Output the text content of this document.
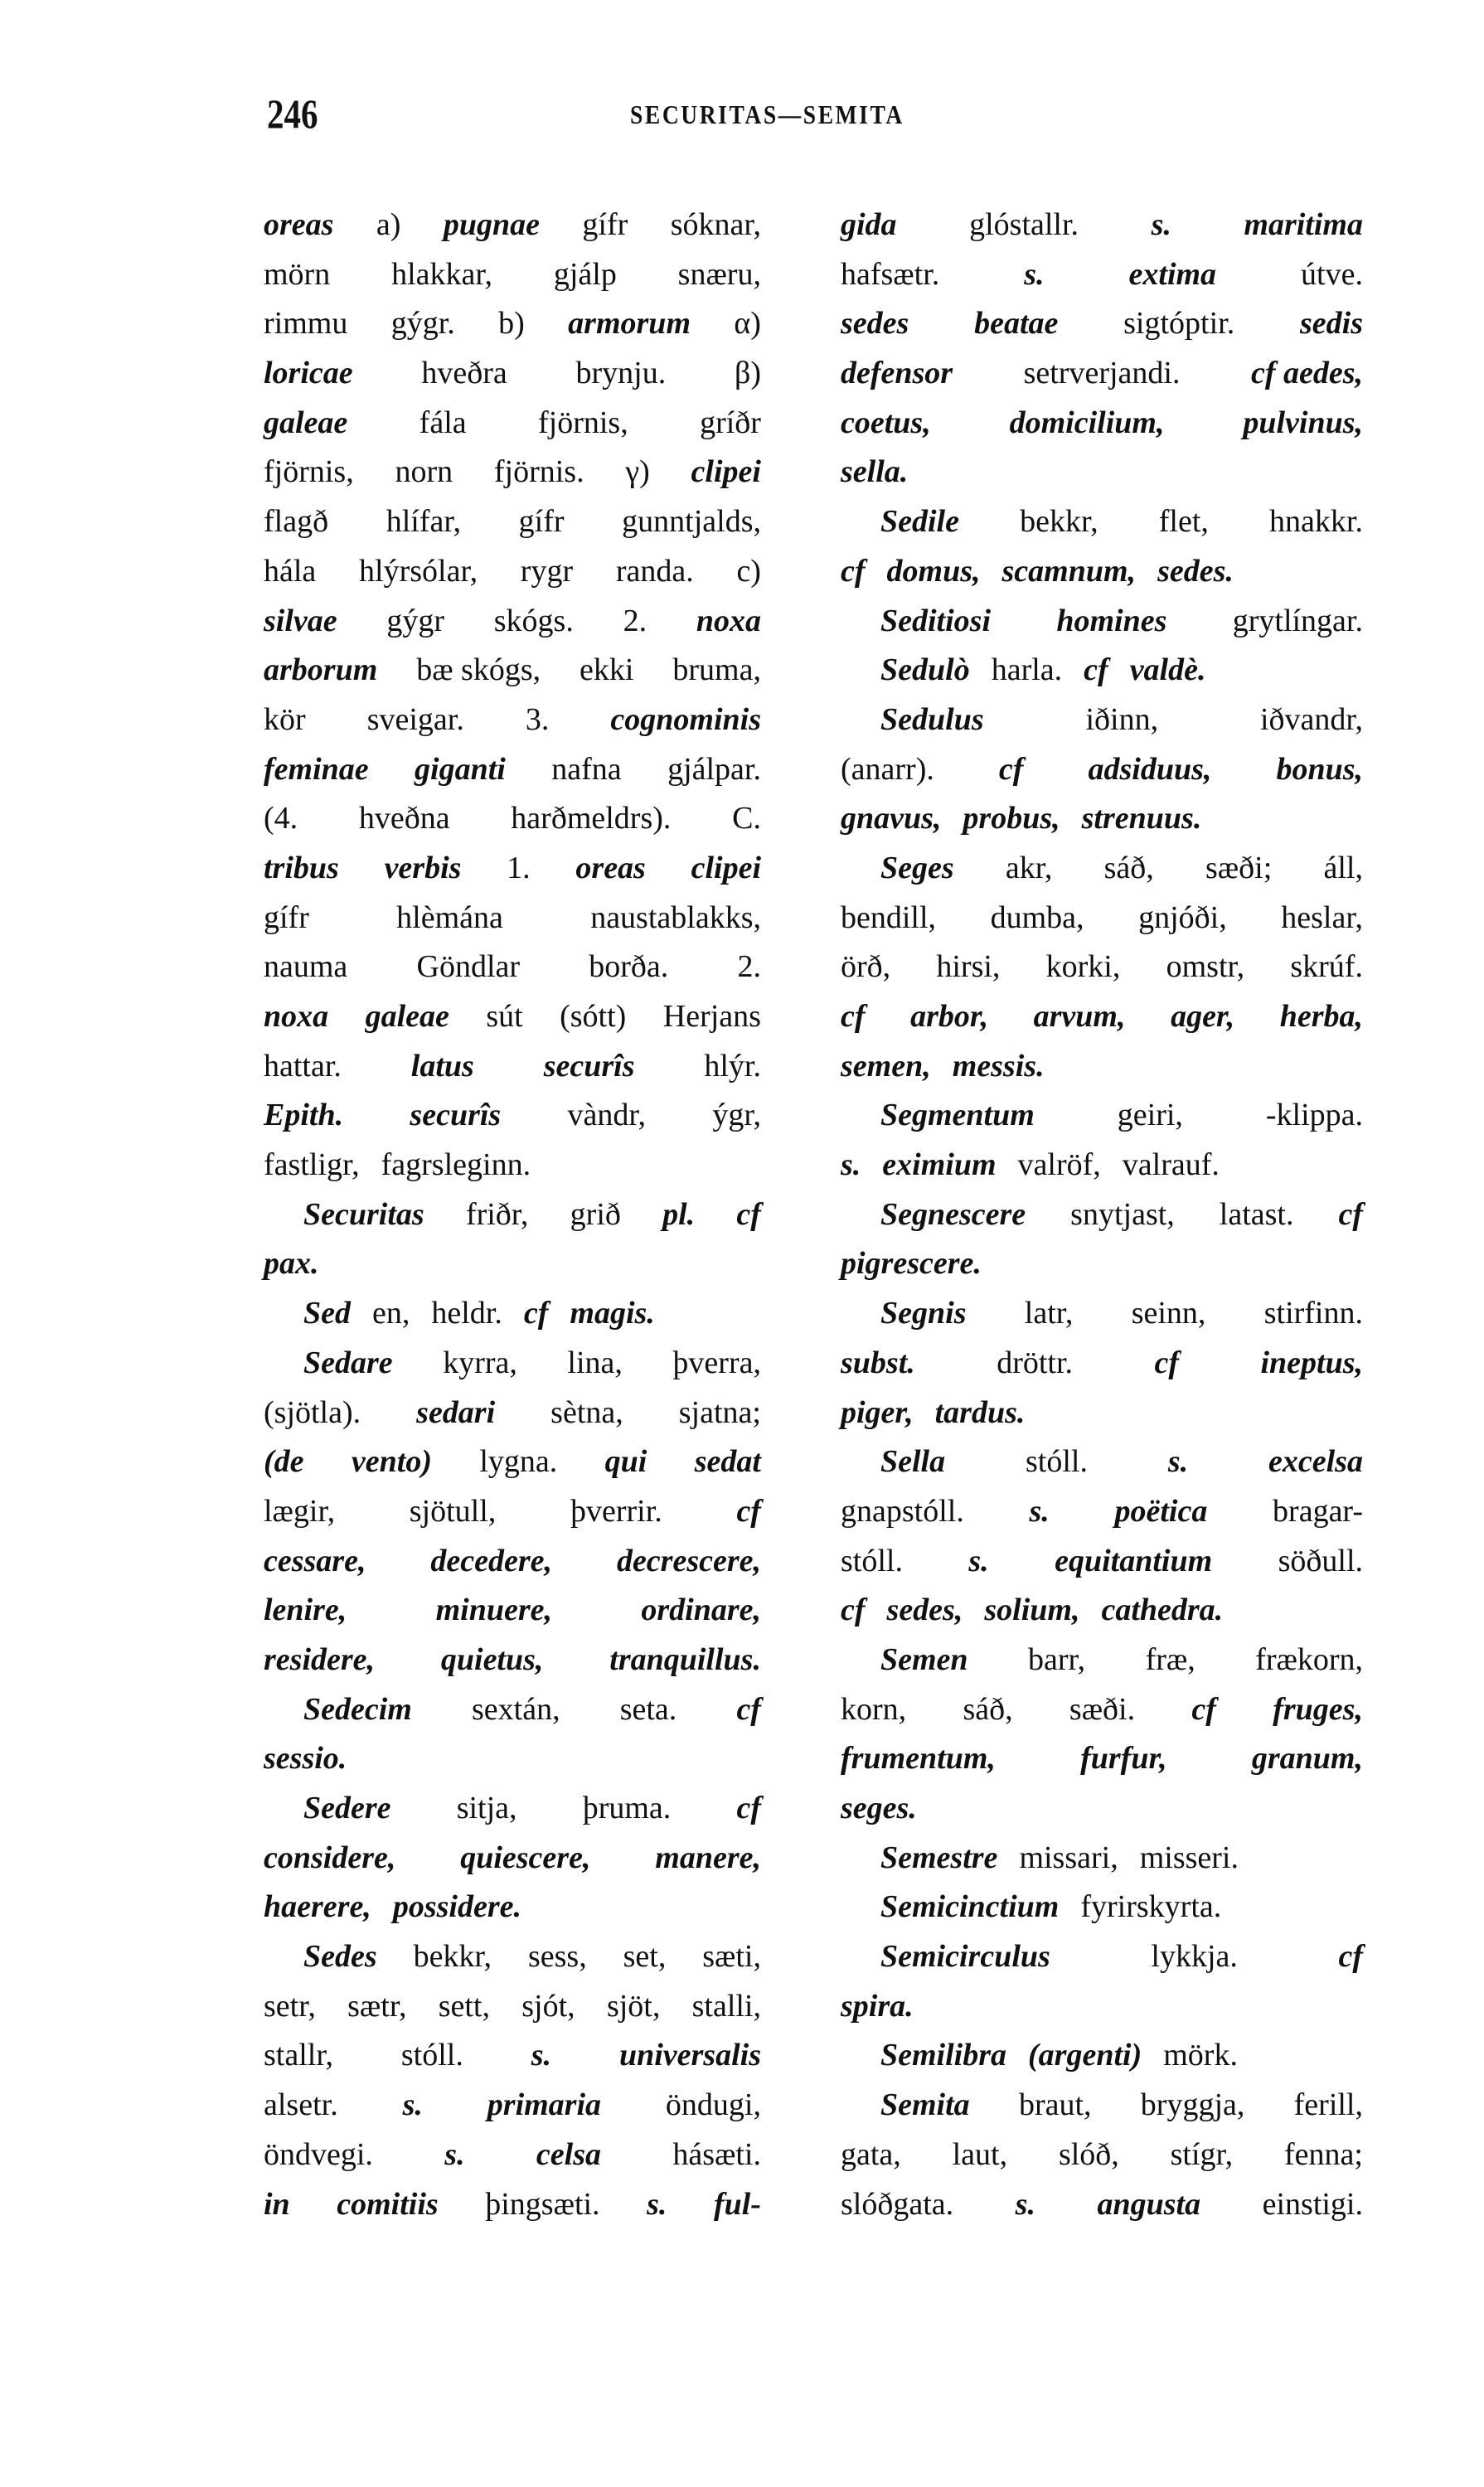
246	SECURITAS—SEMITA
oreas a) pugnae gífr sóknar,
mörn hlakkar, gjálp snæru,
rimmu gýgr. b) armorum α)
loricae hveðra brynju. β)
galeae fála fjörnis, gríðr
fjörnis, norn fjörnis. γ) clipei
flagð hlífar, gífr gunntjalds,
hála hlýrsólar, rygr randa. c)
silvae gýgr skógs. 2. noxa
arborum bæ skógs, ekki bruma,
kör sveigar. 3. cognominis
feminae giganti nafna gjálpar.
(4. hveðna harðmeldrs). C.
tribus verbis 1. oreas clipei
gífr	hlèmána	naustablakks,
nauma Göndlar borða. 2.
noxa galeae sút (sótt) Herjans
hattar. latus securîs hlýr.
Epith. securîs vàndr, ýgr,
fastligr, fagrsleginn.
Securitas friðr, grið pl. cf
pax.
Sed en, heldr. cf magis.
Sedare kyrra, lina, þverra,
(sjötla). sedari sètna, sjatna;
(de vento) lygna. qui sedat
lægir, sjötull, þverrir. cf
cessare, decedere, decrescere,
lenire,	minuere,	ordinare,
residere, quietus, tranquillus.
Sedecim sextán, seta. cf
sessio.
Sedere sitja, þruma. cf
considere, quiescere, manere,
haerere, possidere.
Sedes bekkr, sess, set, sæti,
setr, sætr, sett, sjót, sjöt, stalli,
stallr, stóll. s. universalis
alsetr. s. primaria öndugi,
öndvegi. s. celsa hásæti.
in comitiis þingsæti. s. ful-
gida glóstallr. s. maritima
hafsætr.	s.	extima	útve.
sedes beatae sigtóptir. sedis
defensor setrverjandi. cf aedes,
coetus, domicilium, pulvinus,
sella.
Sedile bekkr, flet, hnakkr.
cf domus, scamnum, sedes.
Seditiosi homines grytlíngar.
Sedulò harla. cf valdè.
Sedulus	iðinn,	iðvandr,
(anarr). cf adsiduus, bonus,
gnavus, probus, strenuus.
Seges akr, sáð, sæði; áll,
bendill, dumba, gnjóði, heslar,
örð, hirsi, korki, omstr, skrúf.
cf arbor, arvum, ager, herba,
semen, messis.
Segmentum	geiri,	-klippa.
s. eximium valröf, valrauf.
Segnescere snytjast, latast. cf
pigrescere.
Segnis latr, seinn, stirfinn.
subst.	dröttr.	cf	ineptus,
piger, tardus.
Sella	stóll.	s.	excelsa
gnapstóll. s. poëtica bragar-
stóll. s. equitantium söðull.
cf sedes, solium, cathedra.
Semen barr, fræ, frækorn,
korn, sáð, sæði. cf fruges,
frumentum,	furfur,	granum,
seges.
Semestre missari, misseri.
Semicinctium fyrirskyrta.
Semicirculus	lykkja.	cf
spira.
Semilibra (argenti) mörk.
Semita braut, bryggja, ferill,
gata, laut, slóð, stígr, fenna;
slóðgata. s. angusta einstigi.
